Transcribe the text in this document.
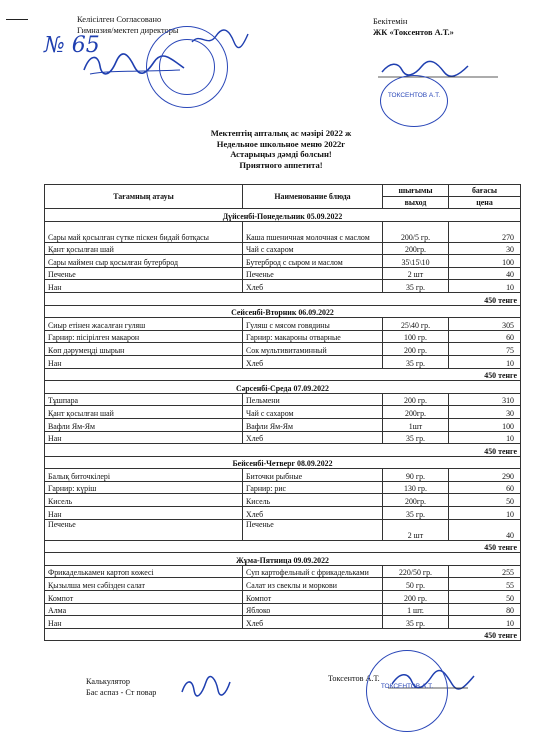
Келісілген Согласовано
Гимназия/мектеп директоры
№ 65
Бекітемін
ЖК «Токсентов А.Т.»
ТОКСЕНТОВ А.Т.
Мектептің апталық ас мәзірі 2022 ж
Недельное школьное меню 2022г
Астарыңыз дәмді болсын!
Приятного аппетита!
Тағамның атауы	Наименование блюда	шығымы	бағасы
		выход	цена
Дүйсенбі-Понедельник 05.09.2022			
Сары май қосылған сүтке піскен бидай ботқасы	Каша пшеничная молочная с маслом	200/5 гр.	270
Қант қосылған шай	Чай с сахаром	200гр.	30
Сары маймен сыр қосылған бутерброд	Бутерброд с сыром и маслом	35\15\10	100
Печенье	Печенье	2 шт	40
Нан	Хлеб	35 гр.	10
450 тенге			
Сейсенбі-Вторник 06.09.2022			
Сиыр етінен жасалған гуляш	Гуляш с мясом говядины	25\40 гр.	305
Гарнир: пісірілген макарон	Гарнир: макароны отварные	100 гр.	60
Көп дәрумеңді шырын	Сок мультивитаминный	200 гр.	75
Нан	Хлеб	35 гр.	10
450 тенге			
Сәрсенбі-Среда 07.09.2022			
Тұшпара	Пельмени	200 гр.	310
Қант қосылған шай	Чай с сахаром	200гр.	30
Вафли Ям-Ям	Вафли Ям-Ям	1шт	100
Нан	Хлеб	35 гр.	10
450 тенге			
Бейсенбі-Четверг 08.09.2022			
Балық биточкілері	Биточки рыбные	90 гр.	290
Гарнир: күріш	Гарнир: рис	130 гр.	60
Кисель	Кисель	200гр.	50
Нан	Хлеб	35 гр.	10
Печенье	Печенье	2 шт	40
450 тенге			
Жұма-Пятница 09.09.2022			
Фрикаделькамен картоп көжесі	Суп картофельный с фрикадельками	220/50 гр.	255
Қызылша мен сәбізден салат	Салат из свеклы и моркови	50 гр.	55
Компот	Компот	200 гр.	50
Алма	Яблоко	1 шт.	80
Нан	Хлеб	35 гр.	10
450 тенге			
Калькулятор
Бас аспаз - Ст повар
Токсентов А.Т.
ТОКСЕНТОВ А.Т.
